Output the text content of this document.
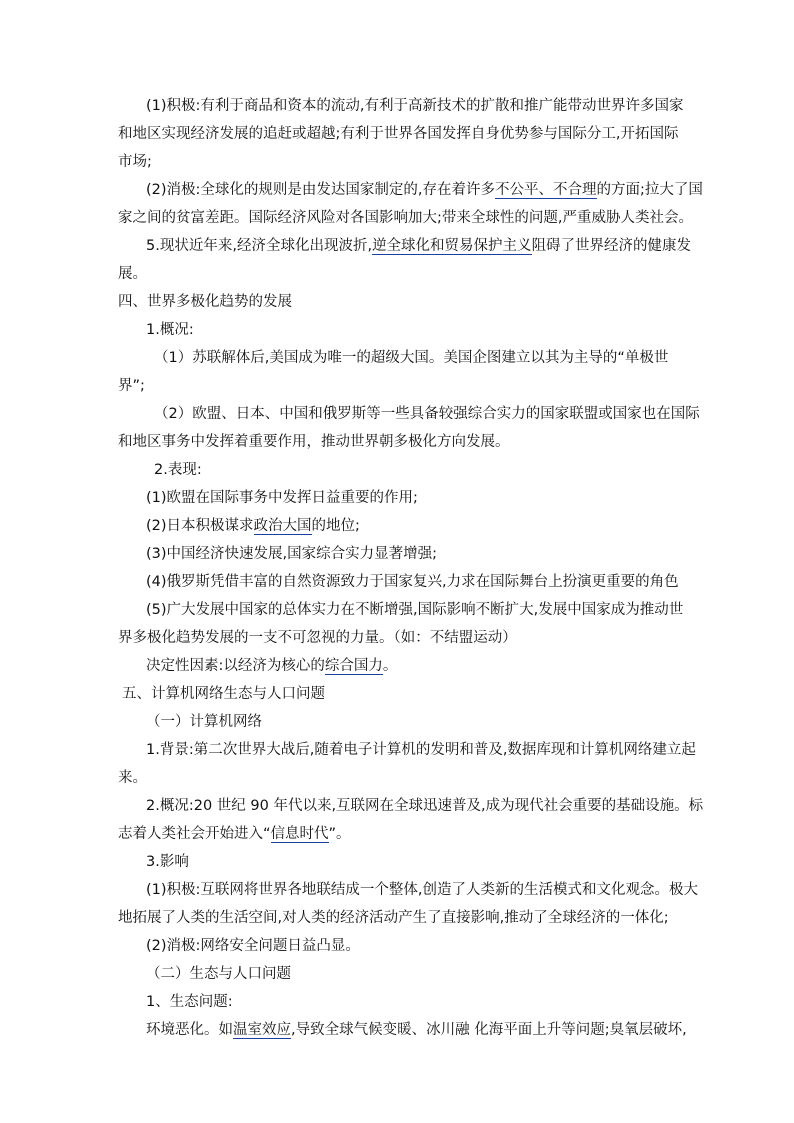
(1)积极:有利于商品和资本的流动,有利于高新技术的扩散和推广能带动世界许多国家
和地区实现经济发展的追赶或超越;有利于世界各国发挥自身优势参与国际分工,开拓国际
市场;
(2)消极:全球化的规则是由发达国家制定的,存在着许多不公平、不合理的方面;拉大了国
家之间的贫富差距。国际经济风险对各国影响加大;带来全球性的问题,严重威胁人类社会。
5.现状近年来,经济全球化出现波折,逆全球化和贸易保护主义阻碍了世界经济的健康发
展。
四、世界多极化趋势的发展
1.概况:
（1）苏联解体后,美国成为唯一的超级大国。美国企图建立以其为主导的“单极世
界”;
（2）欧盟、日本、中国和俄罗斯等一些具备较强综合实力的国家联盟或国家也在国际
和地区事务中发挥着重要作用，推动世界朝多极化方向发展。
2.表现:
(1)欧盟在国际事务中发挥日益重要的作用;
(2)日本积极谋求政治大国的地位;
(3)中国经济快速发展,国家综合实力显著增强;
(4)俄罗斯凭借丰富的自然资源致力于国家复兴,力求在国际舞台上扮演更重要的角色
(5)广大发展中国家的总体实力在不断增强,国际影响不断扩大,发展中国家成为推动世
界多极化趋势发展的一支不可忽视的力量。（如：不结盟运动）
决定性因素:以经济为核心的综合国力。
五、计算机网络生态与人口问题
（一）计算机网络
1.背景:第二次世界大战后,随着电子计算机的发明和普及,数据库现和计算机网络建立起
来。
2.概况:20 世纪 90 年代以来,互联网在全球迅速普及,成为现代社会重要的基础设施。标
志着人类社会开始进入“信息时代”。
3.影响
(1)积极:互联网将世界各地联结成一个整体,创造了人类新的生活模式和文化观念。极大
地拓展了人类的生活空间,对人类的经济活动产生了直接影响,推动了全球经济的一体化;
(2)消极:网络安全问题日益凸显。
（二）生态与人口问题
1、生态问题:
环境恶化。如温室效应,导致全球气候变暖、冰川融 化海平面上升等问题;臭氧层破坏,
